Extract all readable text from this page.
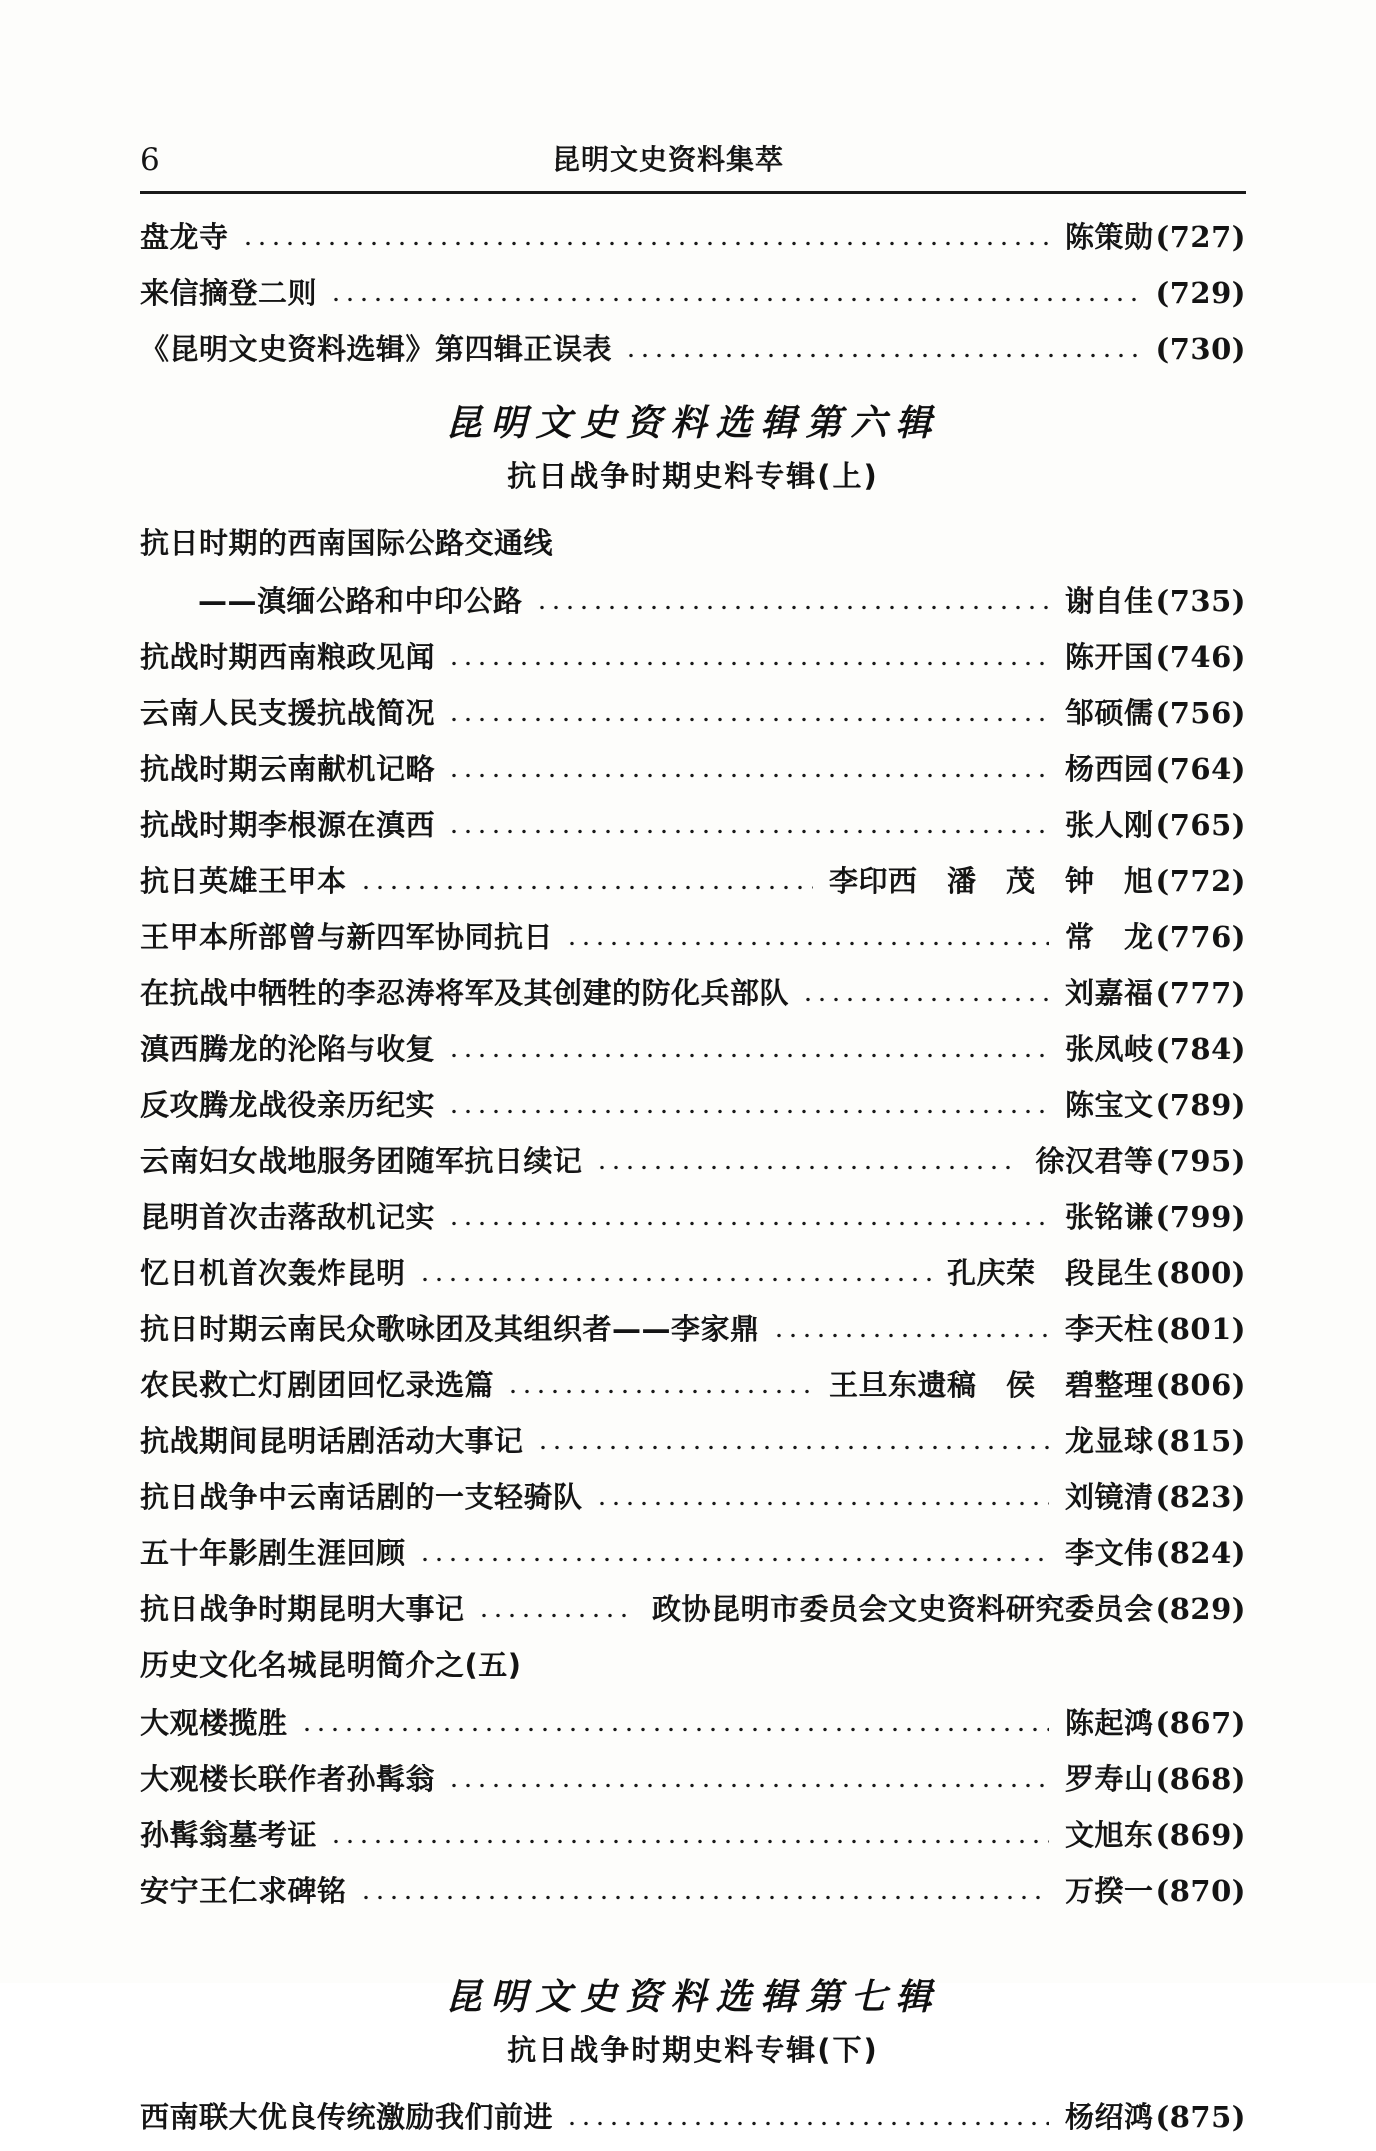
6	昆明文史资料集萃
盘龙寺	陈策勋(727)
来信摘登二则	(729)
《昆明文史资料选辑》第四辑正误表	(730)
昆明文史资料选辑第六辑
抗日战争时期史料专辑(上)
抗日时期的西南国际公路交通线
——滇缅公路和中印公路	谢自佳(735)
抗战时期西南粮政见闻	陈开国(746)
云南人民支援抗战简况	邹硕儒(756)
抗战时期云南献机记略	杨西园(764)
抗战时期李根源在滇西	张人刚(765)
抗日英雄王甲本	李印西　潘　茂　钟　旭(772)
王甲本所部曾与新四军协同抗日	常　龙(776)
在抗战中牺牲的李忍涛将军及其创建的防化兵部队	刘嘉福(777)
滇西腾龙的沦陷与收复	张凤岐(784)
反攻腾龙战役亲历纪实	陈宝文(789)
云南妇女战地服务团随军抗日续记	徐汉君等(795)
昆明首次击落敌机记实	张铭谦(799)
忆日机首次轰炸昆明	孔庆荣　段昆生(800)
抗日时期云南民众歌咏团及其组织者——李家鼎	李天柱(801)
农民救亡灯剧团回忆录选篇	王旦东遗稿　侯　碧整理(806)
抗战期间昆明话剧活动大事记	龙显球(815)
抗日战争中云南话剧的一支轻骑队	刘镜清(823)
五十年影剧生涯回顾	李文伟(824)
抗日战争时期昆明大事记	政协昆明市委员会文史资料研究委员会(829)
历史文化名城昆明简介之(五)
大观楼揽胜	陈起鸿(867)
大观楼长联作者孙髯翁	罗寿山(868)
孙髯翁墓考证	文旭东(869)
安宁王仁求碑铭	万揆一(870)
昆明文史资料选辑第七辑
抗日战争时期史料专辑(下)
西南联大优良传统激励我们前进	杨绍鸿(875)
